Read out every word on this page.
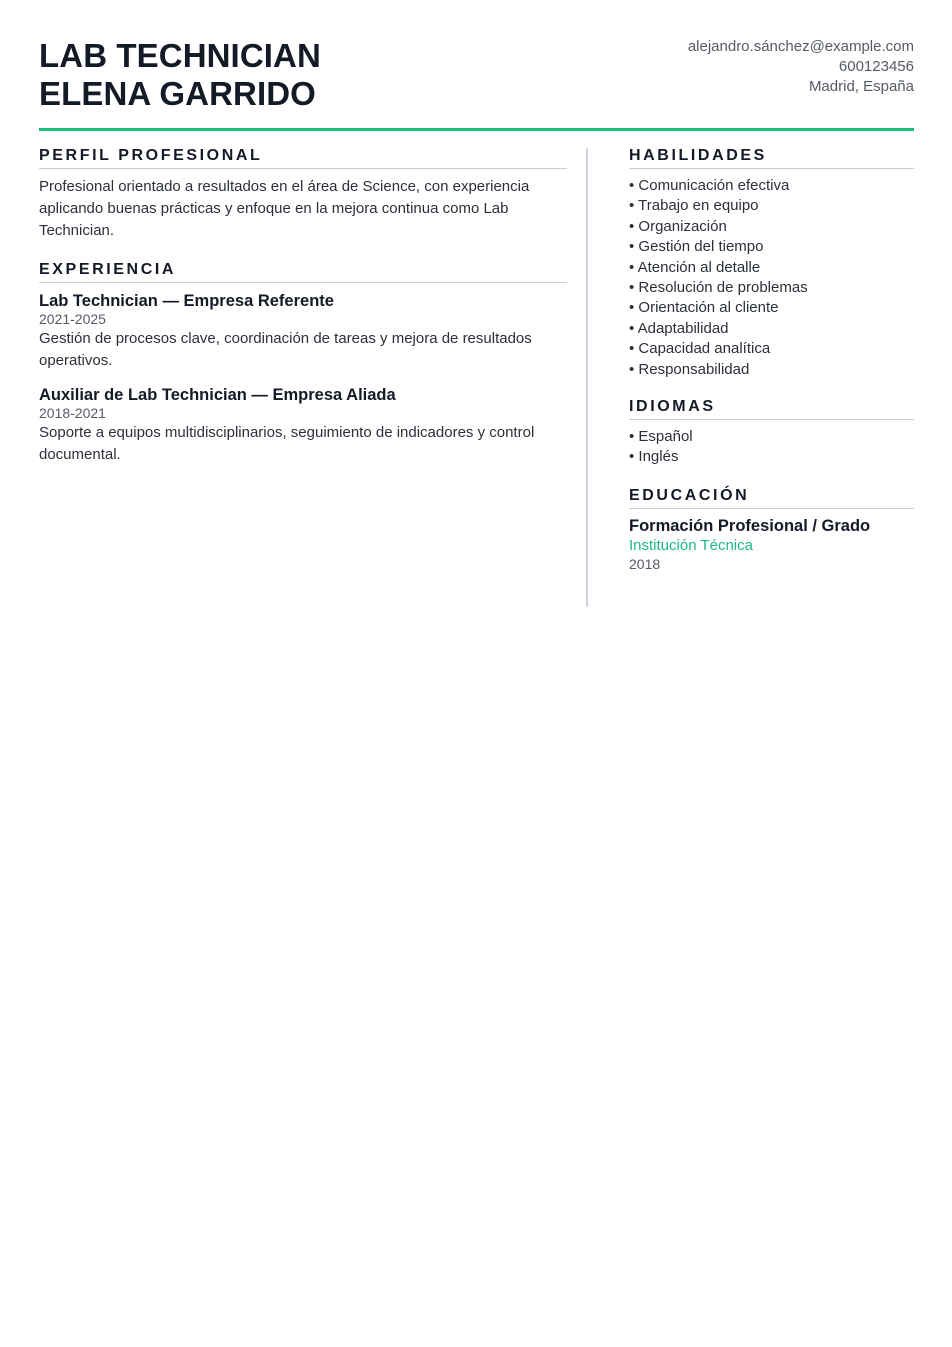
LAB TECHNICIAN
ELENA GARRIDO
alejandro.sánchez@example.com
600123456
Madrid, España
PERFIL PROFESIONAL
Profesional orientado a resultados en el área de Science, con experiencia aplicando buenas prácticas y enfoque en la mejora continua como Lab Technician.
EXPERIENCIA
Lab Technician — Empresa Referente
2021-2025
Gestión de procesos clave, coordinación de tareas y mejora de resultados operativos.
Auxiliar de Lab Technician — Empresa Aliada
2018-2021
Soporte a equipos multidisciplinarios, seguimiento de indicadores y control documental.
HABILIDADES
• Comunicación efectiva
• Trabajo en equipo
• Organización
• Gestión del tiempo
• Atención al detalle
• Resolución de problemas
• Orientación al cliente
• Adaptabilidad
• Capacidad analítica
• Responsabilidad
IDIOMAS
• Español
• Inglés
EDUCACIÓN
Formación Profesional / Grado
Institución Técnica
2018
